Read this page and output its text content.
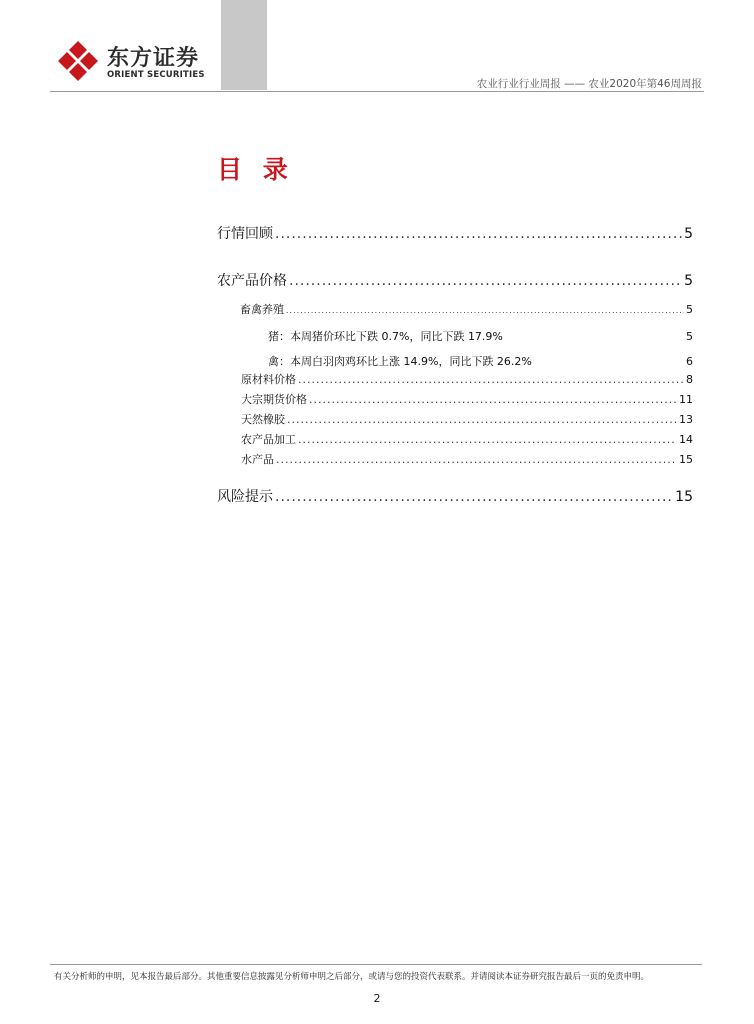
东方证券
ORIENT SECURITIES
农业行业行业周报 —— 农业2020年第46周周报
目 录
行情回顾 .....	5
农产品价格 .....	5
畜禽养殖 .....	5
猪：本周猪价环比下跌 0.7%，同比下跌 17.9%	5
禽：本周白羽肉鸡环比上涨 14.9%，同比下跌 26.2%	6
原材料价格 .....	8
大宗期货价格 .....	11
天然橡胶 .....	13
农产品加工 .....	14
水产品 .....	15
风险提示 .....	15
有关分析师的申明，见本报告最后部分。其他重要信息披露见分析师申明之后部分，或请与您的投资代表联系。并请阅读本证券研究报告最后一页的免责申明。
2
